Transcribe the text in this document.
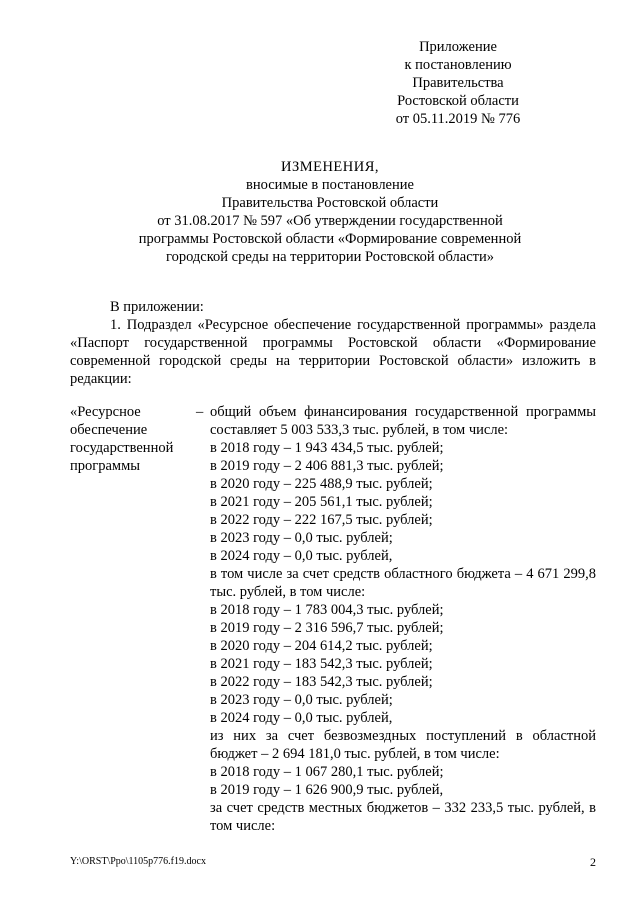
Приложение
к постановлению
Правительства
Ростовской области
от 05.11.2019 № 776
ИЗМЕНЕНИЯ,
вносимые в постановление
Правительства Ростовской области
от 31.08.2017 № 597 «Об утверждении государственной
программы Ростовской области «Формирование современной
городской среды на территории Ростовской области»
В приложении:
1. Подраздел «Ресурсное обеспечение государственной программы» раздела «Паспорт государственной программы Ростовской области «Формирование современной городской среды на территории Ростовской области» изложить в редакции:
«Ресурсное
обеспечение
государственной
программы
– общий объем финансирования государственной программы составляет 5 003 533,3 тыс. рублей, в том числе:
в 2018 году – 1 943 434,5 тыс. рублей;
в 2019 году – 2 406 881,3 тыс. рублей;
в 2020 году – 225 488,9 тыс. рублей;
в 2021 году – 205 561,1 тыс. рублей;
в 2022 году – 222 167,5 тыс. рублей;
в 2023 году – 0,0 тыс. рублей;
в 2024 году – 0,0 тыс. рублей,
в том числе за счет средств областного бюджета – 4 671 299,8 тыс. рублей, в том числе:
в 2018 году – 1 783 004,3 тыс. рублей;
в 2019 году – 2 316 596,7 тыс. рублей;
в 2020 году – 204 614,2 тыс. рублей;
в 2021 году – 183 542,3 тыс. рублей;
в 2022 году – 183 542,3 тыс. рублей;
в 2023 году – 0,0 тыс. рублей;
в 2024 году – 0,0 тыс. рублей,
из них за счет безвозмездных поступлений в областной бюджет – 2 694 181,0 тыс. рублей, в том числе:
в 2018 году – 1 067 280,1 тыс. рублей;
в 2019 году – 1 626 900,9 тыс. рублей,
за счет средств местных бюджетов – 332 233,5 тыс. рублей, в том числе:
Y:\ORST\Ppo\1105p776.f19.docx	2
